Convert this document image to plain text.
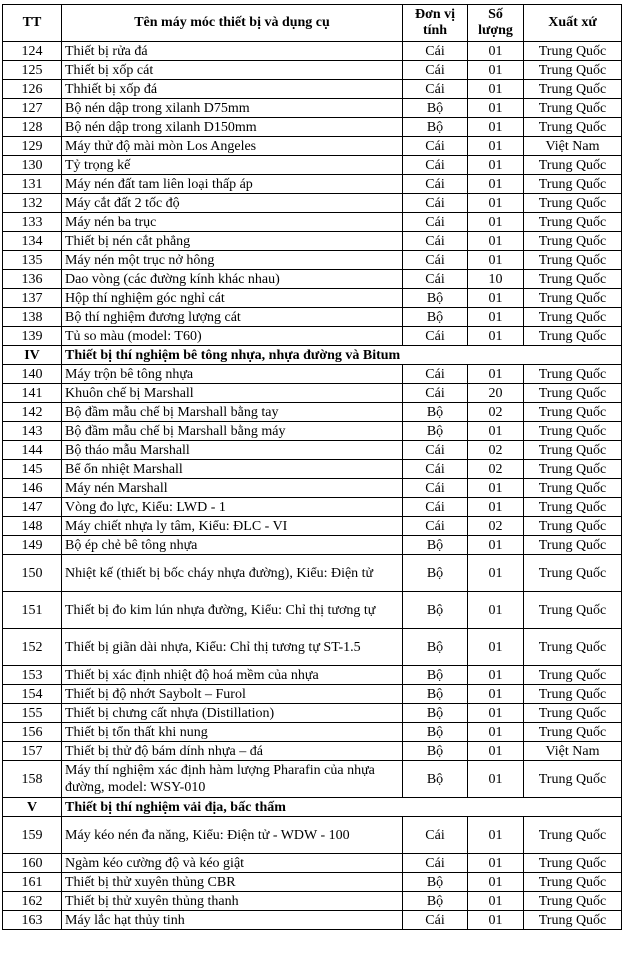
TT	Tên máy móc thiết bị và dụng cụ	Đơn vị tính	Số lượng	Xuất xứ
124	Thiết bị rửa đá	Cái	01	Trung Quốc
125	Thiết bị xốp cát	Cái	01	Trung Quốc
126	Thhiết bị xốp đá	Cái	01	Trung Quốc
127	Bộ nén dập trong xilanh D75mm	Bộ	01	Trung Quốc
128	Bộ nén dập trong xilanh D150mm	Bộ	01	Trung Quốc
129	Máy thử độ mài mòn Los Angeles	Cái	01	Việt Nam
130	Tỷ trọng kế	Cái	01	Trung Quốc
131	Máy nén đất tam liên loại thấp áp	Cái	01	Trung Quốc
132	Máy cắt đất 2 tốc độ	Cái	01	Trung Quốc
133	Máy nén ba trục	Cái	01	Trung Quốc
134	Thiết bị nén cắt phẳng	Cái	01	Trung Quốc
135	Máy nén một trục nở hông	Cái	01	Trung Quốc
136	Dao vòng (các đường kính khác nhau)	Cái	10	Trung Quốc
137	Hộp thí nghiệm góc nghỉ cát	Bộ	01	Trung Quốc
138	Bộ thí nghiệm đương lượng cát	Bộ	01	Trung Quốc
139	Tủ so màu (model: T60)	Cái	01	Trung Quốc
IV	Thiết bị thí nghiệm bê tông nhựa, nhựa đường và Bitum			
140	Máy trộn bê tông nhựa	Cái	01	Trung Quốc
141	Khuôn chế bị Marshall	Cái	20	Trung Quốc
142	Bộ đầm mẫu chế bị Marshall bằng tay	Bộ	02	Trung Quốc
143	Bộ đầm mẫu chế bị Marshall bằng máy	Bộ	01	Trung Quốc
144	Bộ tháo mẫu Marshall	Cái	02	Trung Quốc
145	Bể ổn nhiệt Marshall	Cái	02	Trung Quốc
146	Máy nén Marshall	Cái	01	Trung Quốc
147	Vòng đo lực, Kiểu: LWD - 1	Cái	01	Trung Quốc
148	Máy chiết nhựa ly tâm, Kiểu: ĐLC - VI	Cái	02	Trung Quốc
149	Bộ ép chẻ bê tông nhựa	Bộ	01	Trung Quốc
150	Nhiệt kế (thiết bị bốc cháy nhựa đường), Kiểu: Điện tử	Bộ	01	Trung Quốc
151	Thiết bị đo kim lún nhựa đường, Kiểu: Chỉ thị tương tự	Bộ	01	Trung Quốc
152	Thiết bị giãn dài nhựa, Kiểu: Chỉ thị tương tự ST-1.5	Bộ	01	Trung Quốc
153	Thiết bị xác định nhiệt độ hoá mềm của nhựa	Bộ	01	Trung Quốc
154	Thiết bị độ nhớt Saybolt – Furol	Bộ	01	Trung Quốc
155	Thiết bị chưng cất nhựa (Distillation)	Bộ	01	Trung Quốc
156	Thiết bị tổn thất khi nung	Bộ	01	Trung Quốc
157	Thiết bị thử độ bám dính nhựa – đá	Bộ	01	Việt Nam
158	Máy thí nghiệm xác định hàm lượng Pharafin của nhựa đường, model: WSY-010	Bộ	01	Trung Quốc
V	Thiết bị thí nghiệm vải địa, bấc thấm			
159	Máy kéo nén đa năng, Kiểu: Điện tử - WDW - 100	Cái	01	Trung Quốc
160	Ngàm kéo cường độ và kéo giật	Cái	01	Trung Quốc
161	Thiết bị thử xuyên thủng CBR	Bộ	01	Trung Quốc
162	Thiết bị thử xuyên thủng thanh	Bộ	01	Trung Quốc
163	Máy lắc hạt thủy tinh	Cái	01	Trung Quốc
